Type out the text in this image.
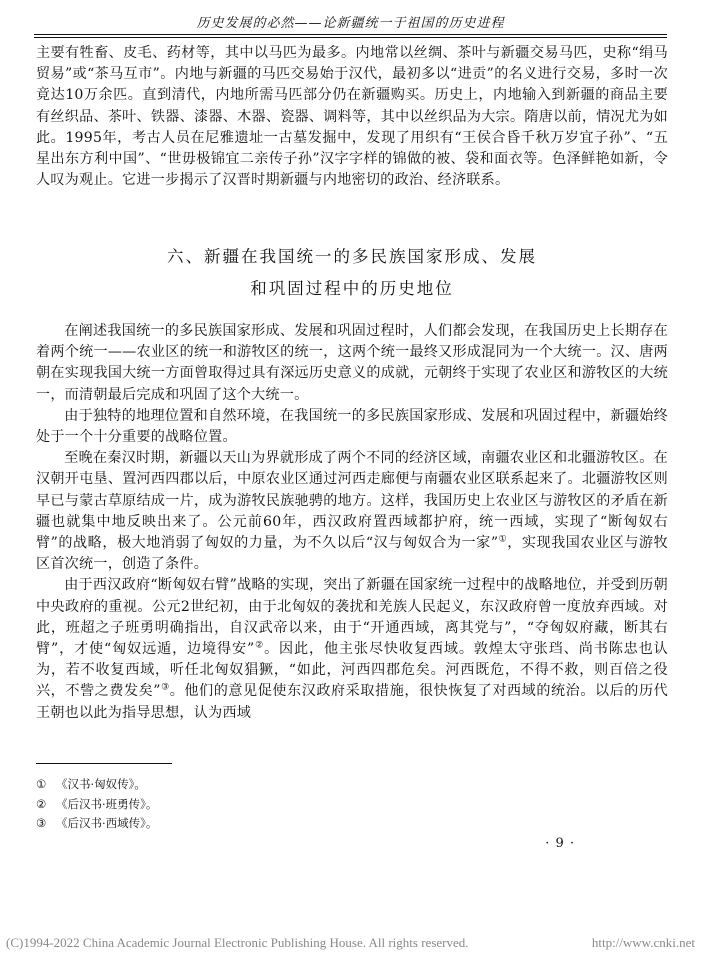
历史发展的必然——论新疆统一于祖国的历史进程

主要有牲畜、皮毛、药材等，其中以马匹为最多。内地常以丝绸、茶叶与新疆交易马匹，史称“绢马贸易”或“茶马互市”。内地与新疆的马匹交易始于汉代，最初多以“进贡”的名义进行交易，多时一次竟达10万余匹。直到清代，内地所需马匹部分仍在新疆购买。历史上，内地输入到新疆的商品主要有丝织品、茶叶、铁器、漆器、木器、瓷器、调料等，其中以丝织品为大宗。隋唐以前，情况尤为如此。1995年，考古人员在尼雅遗址一古墓发掘中，发现了用织有“王侯合昏千秋万岁宜子孙”、“五星出东方利中国”、“世毋极锦宜二亲传子孙”汉字字样的锦做的被、袋和面衣等。色泽鲜艳如新，令人叹为观止。它进一步揭示了汉晋时期新疆与内地密切的政治、经济联系。

六、新疆在我国统一的多民族国家形成、发展
和巩固过程中的历史地位

在阐述我国统一的多民族国家形成、发展和巩固过程时，人们都会发现，在我国历史上长期存在着两个统一——农业区的统一和游牧区的统一，这两个统一最终又形成混同为一个大统一。汉、唐两朝在实现我国大统一方面曾取得过具有深远历史意义的成就，元朝终于实现了农业区和游牧区的大统一，而清朝最后完成和巩固了这个大统一。

由于独特的地理位置和自然环境，在我国统一的多民族国家形成、发展和巩固过程中，新疆始终处于一个十分重要的战略位置。

至晚在秦汉时期，新疆以天山为界就形成了两个不同的经济区域，南疆农业区和北疆游牧区。在汉朝开屯垦、置河西四郡以后，中原农业区通过河西走廊便与南疆农业区联系起来了。北疆游牧区则早已与蒙古草原结成一片，成为游牧民族驰骋的地方。这样，我国历史上农业区与游牧区的矛盾在新疆也就集中地反映出来了。公元前60年，西汉政府置西域都护府，统一西域，实现了“断匈奴右臂”的战略，极大地消弱了匈奴的力量，为不久以后“汉与匈奴合为一家”①，实现我国农业区与游牧区首次统一，创造了条件。

由于西汉政府“断匈奴右臂”战略的实现，突出了新疆在国家统一过程中的战略地位，并受到历朝中央政府的重视。公元2世纪初，由于北匈奴的袭扰和羌族人民起义，东汉政府曾一度放弃西域。对此，班超之子班勇明确指出，自汉武帝以来，由于“开通西域，离其党与”，“夺匈奴府藏，断其右臂”，才使“匈奴远遁，边境得安”②。因此，他主张尽快收复西域。敦煌太守张珰、尚书陈忠也认为，若不收复西域，听任北匈奴猖獗，“如此，河西四郡危矣。河西既危，不得不救，则百倍之役兴，不訾之费发矣”③。他们的意见促使东汉政府采取措施，很快恢复了对西域的统治。以后的历代王朝也以此为指导思想，认为西域

① 《汉书·匈奴传》。
② 《后汉书·班勇传》。
③ 《后汉书·西域传》。
· 9 ·
(C)1994-2022 China Academic Journal Electronic Publishing House. All rights reserved.	http://www.cnki.net
